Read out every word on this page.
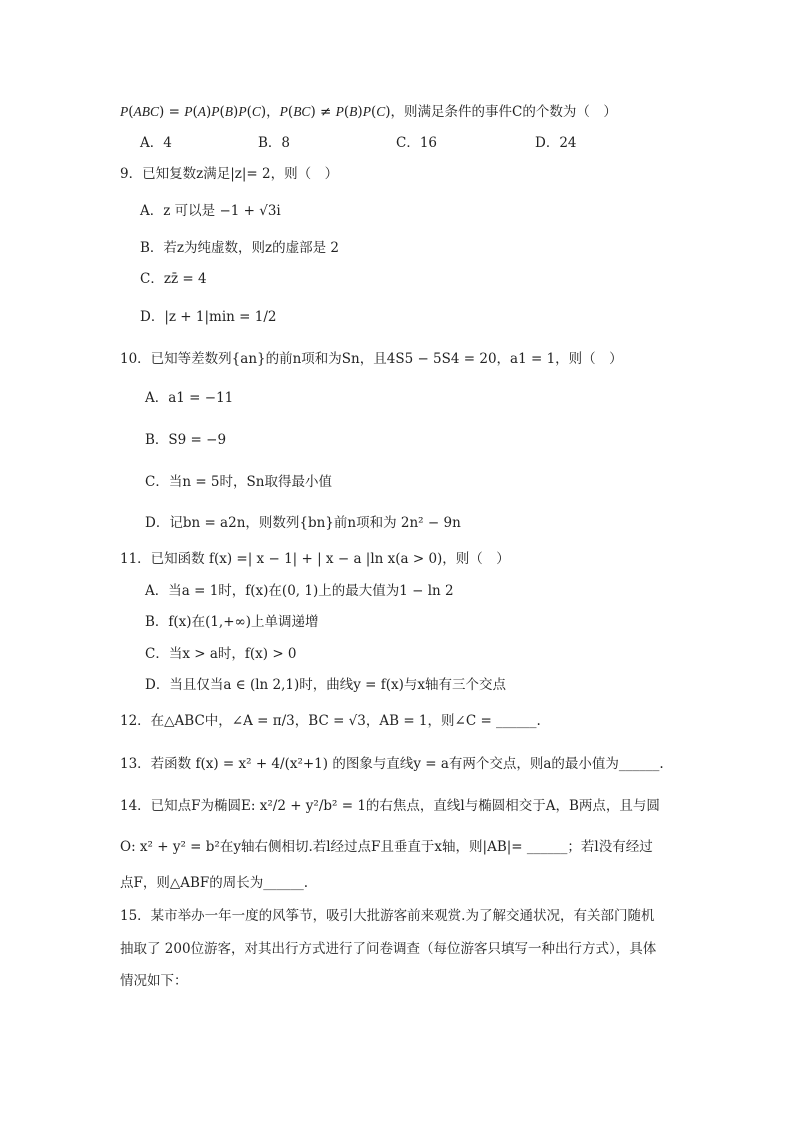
P(ABC) = P(A)P(B)P(C)，P(BC) ≠ P(B)P(C)，则满足条件的事件C的个数为（　）
A．4	B．8	C．16	D．24
9．已知复数z满足|z|= 2，则（　）
A．z 可以是 −1 + √3i
B．若z为纯虚数，则z的虚部是 2
C．zz̄ = 4
D．|z + 1|min = 1/2
10．已知等差数列{an}的前n项和为Sn，且4S5 − 5S4 = 20，a1 = 1，则（　）
A．a1 = −11
B．S9 = −9
C．当n = 5时，Sn取得最小值
D．记bn = a2n，则数列{bn}前n项和为 2n² − 9n
11．已知函数 f(x) =| x − 1| + | x − a |ln x(a > 0)，则（　）
A．当a = 1时，f(x)在(0, 1)上的最大值为1 − ln 2
B．f(x)在(1,+∞)上单调递增
C．当x > a时，f(x) > 0
D．当且仅当a ∈ (ln 2,1)时，曲线y = f(x)与x轴有三个交点
12．在△ABC中，∠A = π/3，BC = √3，AB = 1，则∠C = ______.
13．若函数 f(x) = x² + 4/(x²+1) 的图象与直线y = a有两个交点，则a的最小值为______.
14．已知点F为椭圆E: x²/2 + y²/b² = 1的右焦点，直线l与椭圆相交于A，B两点，且与圆
O: x² + y² = b²在y轴右侧相切.若l经过点F且垂直于x轴，则|AB|= ______；若l没有经过
点F，则△ABF的周长为______.
15．某市举办一年一度的风筝节，吸引大批游客前来观赏.为了解交通状况，有关部门随机
抽取了 200位游客，对其出行方式进行了问卷调查（每位游客只填写一种出行方式），具体
情况如下：
